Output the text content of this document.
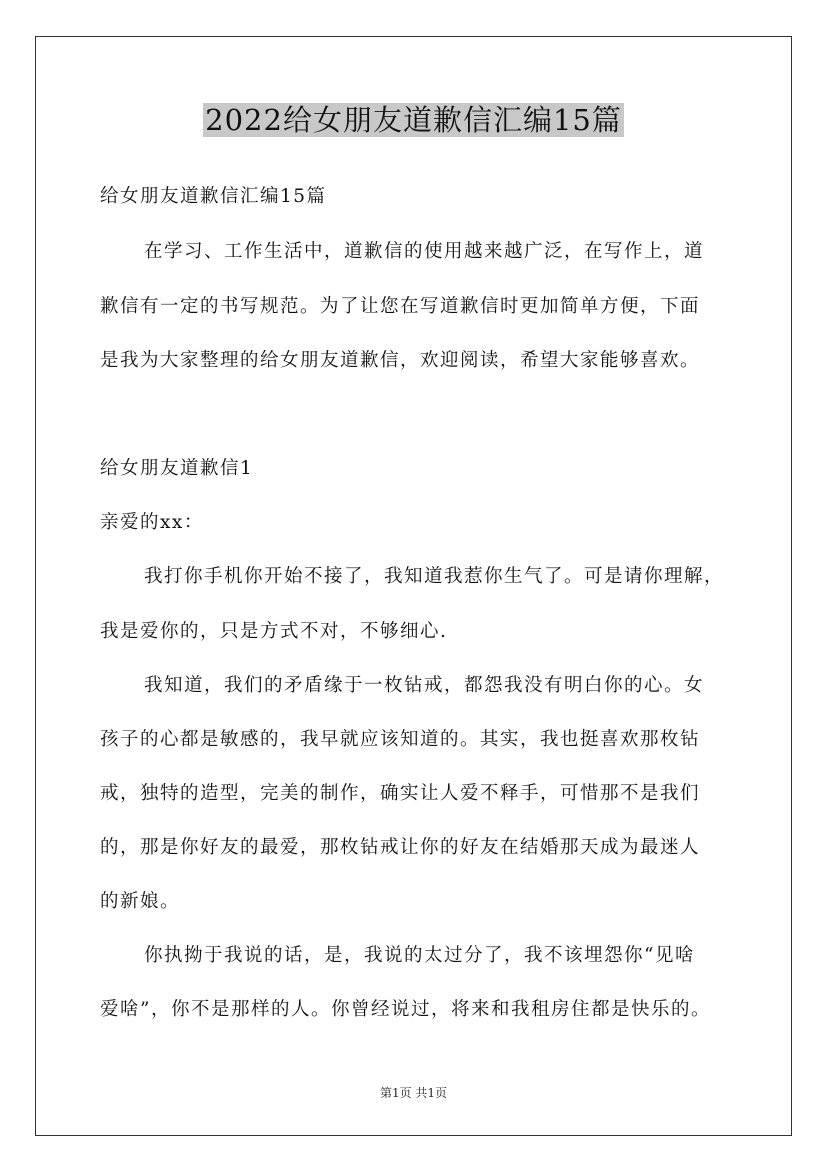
2022给女朋友道歉信汇编15篇
给女朋友道歉信汇编15篇
在学习、工作生活中，道歉信的使用越来越广泛，在写作上，道
歉信有一定的书写规范。为了让您在写道歉信时更加简单方便，下面
是我为大家整理的给女朋友道歉信，欢迎阅读，希望大家能够喜欢。
给女朋友道歉信1
亲爱的xx：
我打你手机你开始不接了，我知道我惹你生气了。可是请你理解，
我是爱你的，只是方式不对，不够细心.
我知道，我们的矛盾缘于一枚钻戒，都怨我没有明白你的心。女
孩子的心都是敏感的，我早就应该知道的。其实，我也挺喜欢那枚钻
戒，独特的造型，完美的制作，确实让人爱不释手，可惜那不是我们
的，那是你好友的最爱，那枚钻戒让你的好友在结婚那天成为最迷人
的新娘。
你执拗于我说的话，是，我说的太过分了，我不该埋怨你“见啥
爱啥”，你不是那样的人。你曾经说过，将来和我租房住都是快乐的。
第1页 共1页
